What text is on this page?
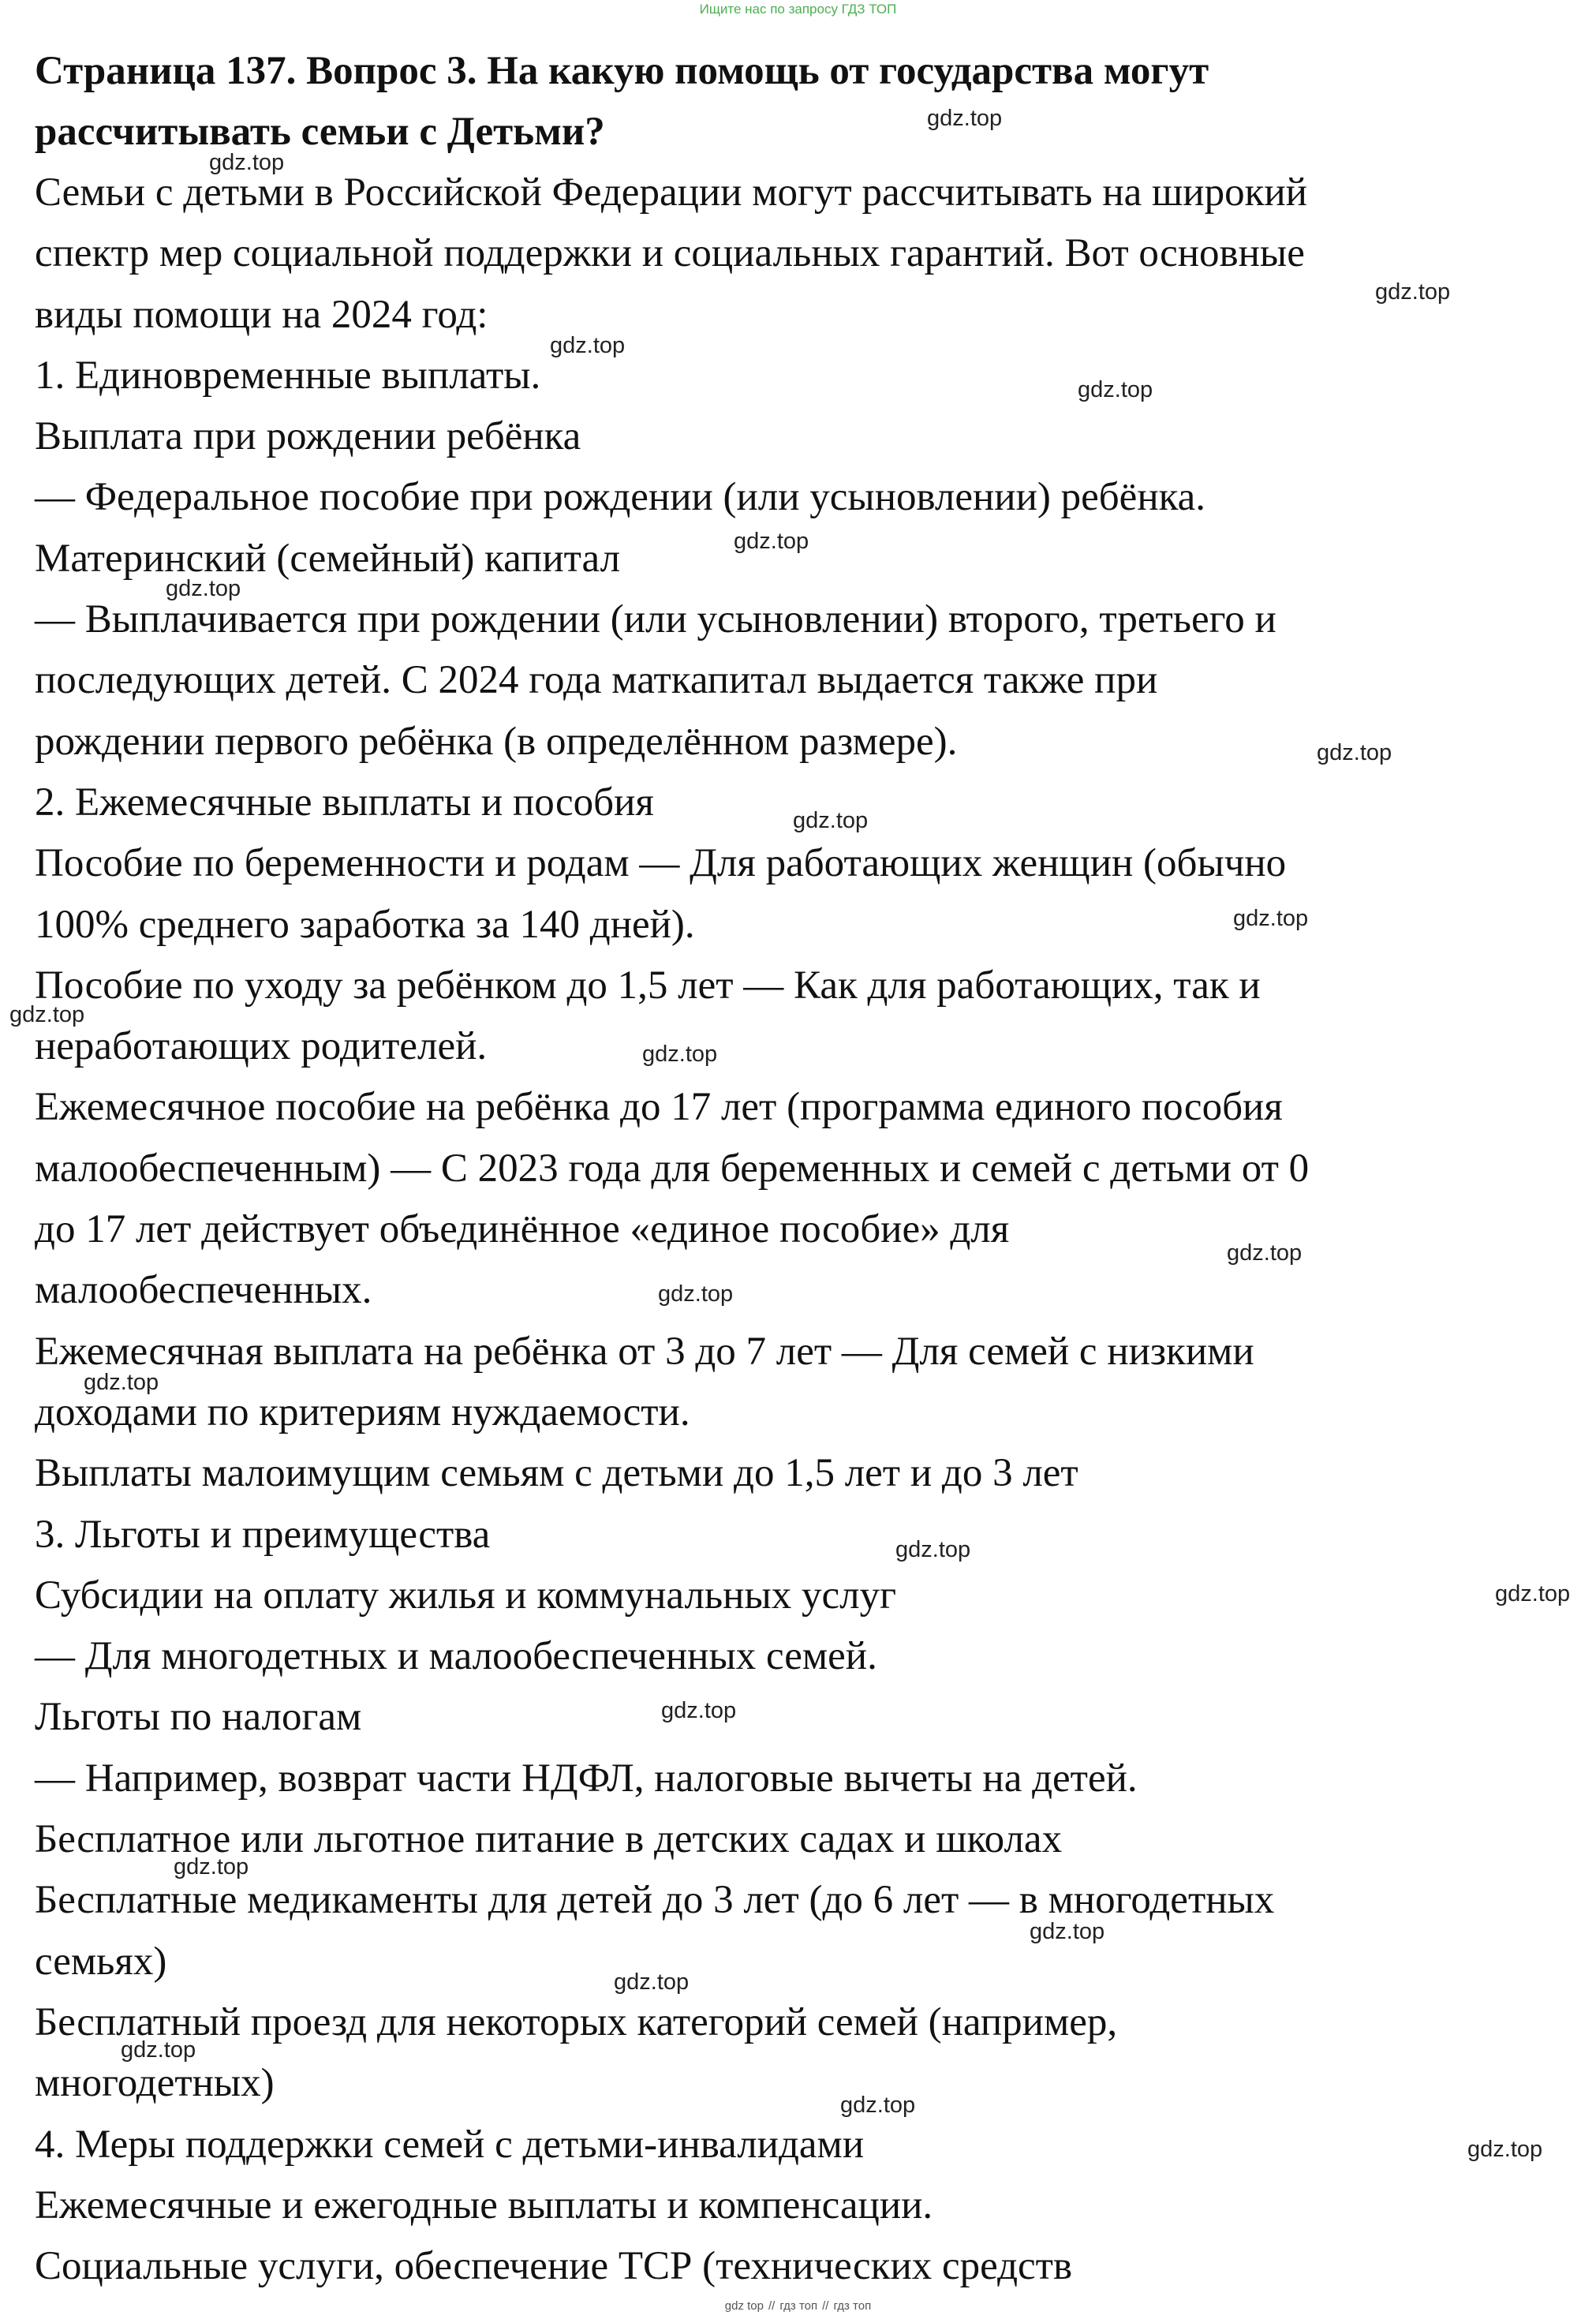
Ищите нас по запросу ГДЗ ТОП

Страница 137. Вопрос 3. На какую помощь от государства могут
рассчитывать семьи с Детьми?

Семьи с детьми в Российской Федерации могут рассчитывать на широкий

спектр мер социальной поддержки и социальных гарантий. Вот основные

виды помощи на 2024 год:

1. Единовременные выплаты.

Выплата при рождении ребёнка

— Федеральное пособие при рождении (или усыновлении) ребёнка.

Материнский (семейный) капитал

— Выплачивается при рождении (или усыновлении) второго, третьего и

последующих детей. С 2024 года маткапитал выдается также при

рождении первого ребёнка (в определённом размере).

2. Ежемесячные выплаты и пособия

Пособие по беременности и родам — Для работающих женщин (обычно

100% среднего заработка за 140 дней).

Пособие по уходу за ребёнком до 1,5 лет — Как для работающих, так и

неработающих родителей.

Ежемесячное пособие на ребёнка до 17 лет (программа единого пособия

малообеспеченным) — С 2023 года для беременных и семей с детьми от 0

до 17 лет действует объединённое «единое пособие» для

малообеспеченных.

Ежемесячная выплата на ребёнка от 3 до 7 лет — Для семей с низкими

доходами по критериям нуждаемости.

Выплаты малоимущим семьям с детьми до 1,5 лет и до 3 лет

3. Льготы и преимущества

Субсидии на оплату жилья и коммунальных услуг

— Для многодетных и малообеспеченных семей.

Льготы по налогам

— Например, возврат части НДФЛ, налоговые вычеты на детей.

Бесплатное или льготное питание в детских садах и школах

Бесплатные медикаменты для детей до 3 лет (до 6 лет — в многодетных

семьях)

Бесплатный проезд для некоторых категорий семей (например,

многодетных)

4. Меры поддержки семей с детьми-инвалидами

Ежемесячные и ежегодные выплаты и компенсации.

Социальные услуги, обеспечение ТСР (технических средств

gdz.top
gdz.top
gdz.top
gdz.top
gdz.top
gdz.top
gdz.top
gdz.top
gdz.top
gdz.top
gdz.top
gdz.top
gdz.top
gdz.top
gdz.top
gdz.top
gdz.top
gdz.top
gdz.top
gdz.top
gdz.top
gdz.top
gdz.top
gdz.top
gdz top // гдз топ // гдз топ
